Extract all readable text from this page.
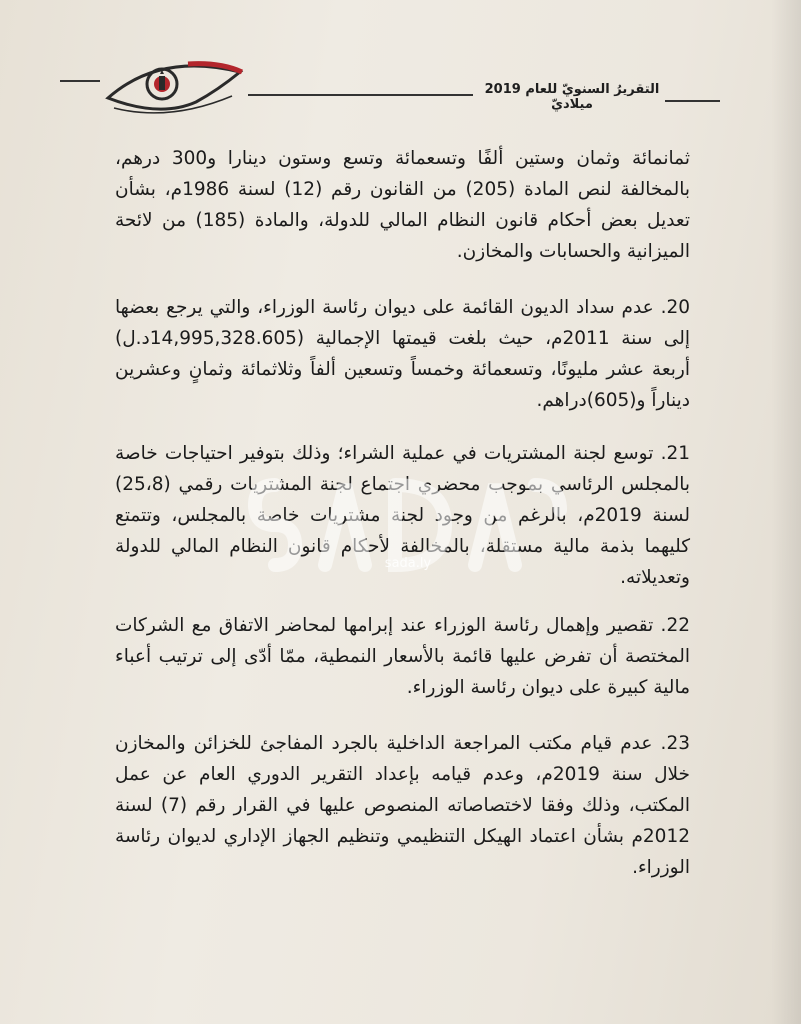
التقريرُ السنويّ للعام 2019 ميلاديّ
ثمانمائة وثمان وستين ألفًا وتسعمائة وتسع وستون دينارا و300 درهم، بالمخالفة لنص المادة (205) من القانون رقم (12) لسنة 1986م، بشأن تعديل بعض أحكام قانون النظام المالي للدولة، والمادة (185) من لائحة الميزانية والحسابات والمخازن.
20. عدم سداد الديون القائمة على ديوان رئاسة الوزراء، والتي يرجع بعضها إلى سنة 2011م، حيث بلغت قيمتها الإجمالية (14,995,328.605د.ل) أربعة عشر مليونًا، وتسعمائة وخمساً وتسعين ألفاً وثلاثمائة وثمانٍ وعشرين ديناراً و(605)دراهم.
21. توسع لجنة المشتريات في عملية الشراء؛ وذلك بتوفير احتياجات خاصة بالمجلس الرئاسي بموجب محضري اجتماع لجنة المشتريات رقمي (25،8) لسنة 2019م، بالرغم من وجود لجنة مشتريات خاصة بالمجلس، وتتمتع كليهما بذمة مالية مستقلة، بالمخالفة لأحكام قانون النظام المالي للدولة وتعديلاته.
22. تقصير وإهمال رئاسة الوزراء عند إبرامها لمحاضر الاتفاق مع الشركات المختصة أن تفرض عليها قائمة بالأسعار النمطية، ممّا أدّى إلى ترتيب أعباء مالية كبيرة على ديوان رئاسة الوزراء.
23. عدم قيام مكتب المراجعة الداخلية بالجرد المفاجئ للخزائن والمخازن خلال سنة 2019م، وعدم قيامه بإعداد التقرير الدوري العام عن عمل المكتب، وذلك وفقا لاختصاصاته المنصوص عليها في القرار رقم (7) لسنة 2012م بشأن اعتماد الهيكل التنظيمي وتنظيم الجهاز الإداري لديوان رئاسة الوزراء.
sada.ly
